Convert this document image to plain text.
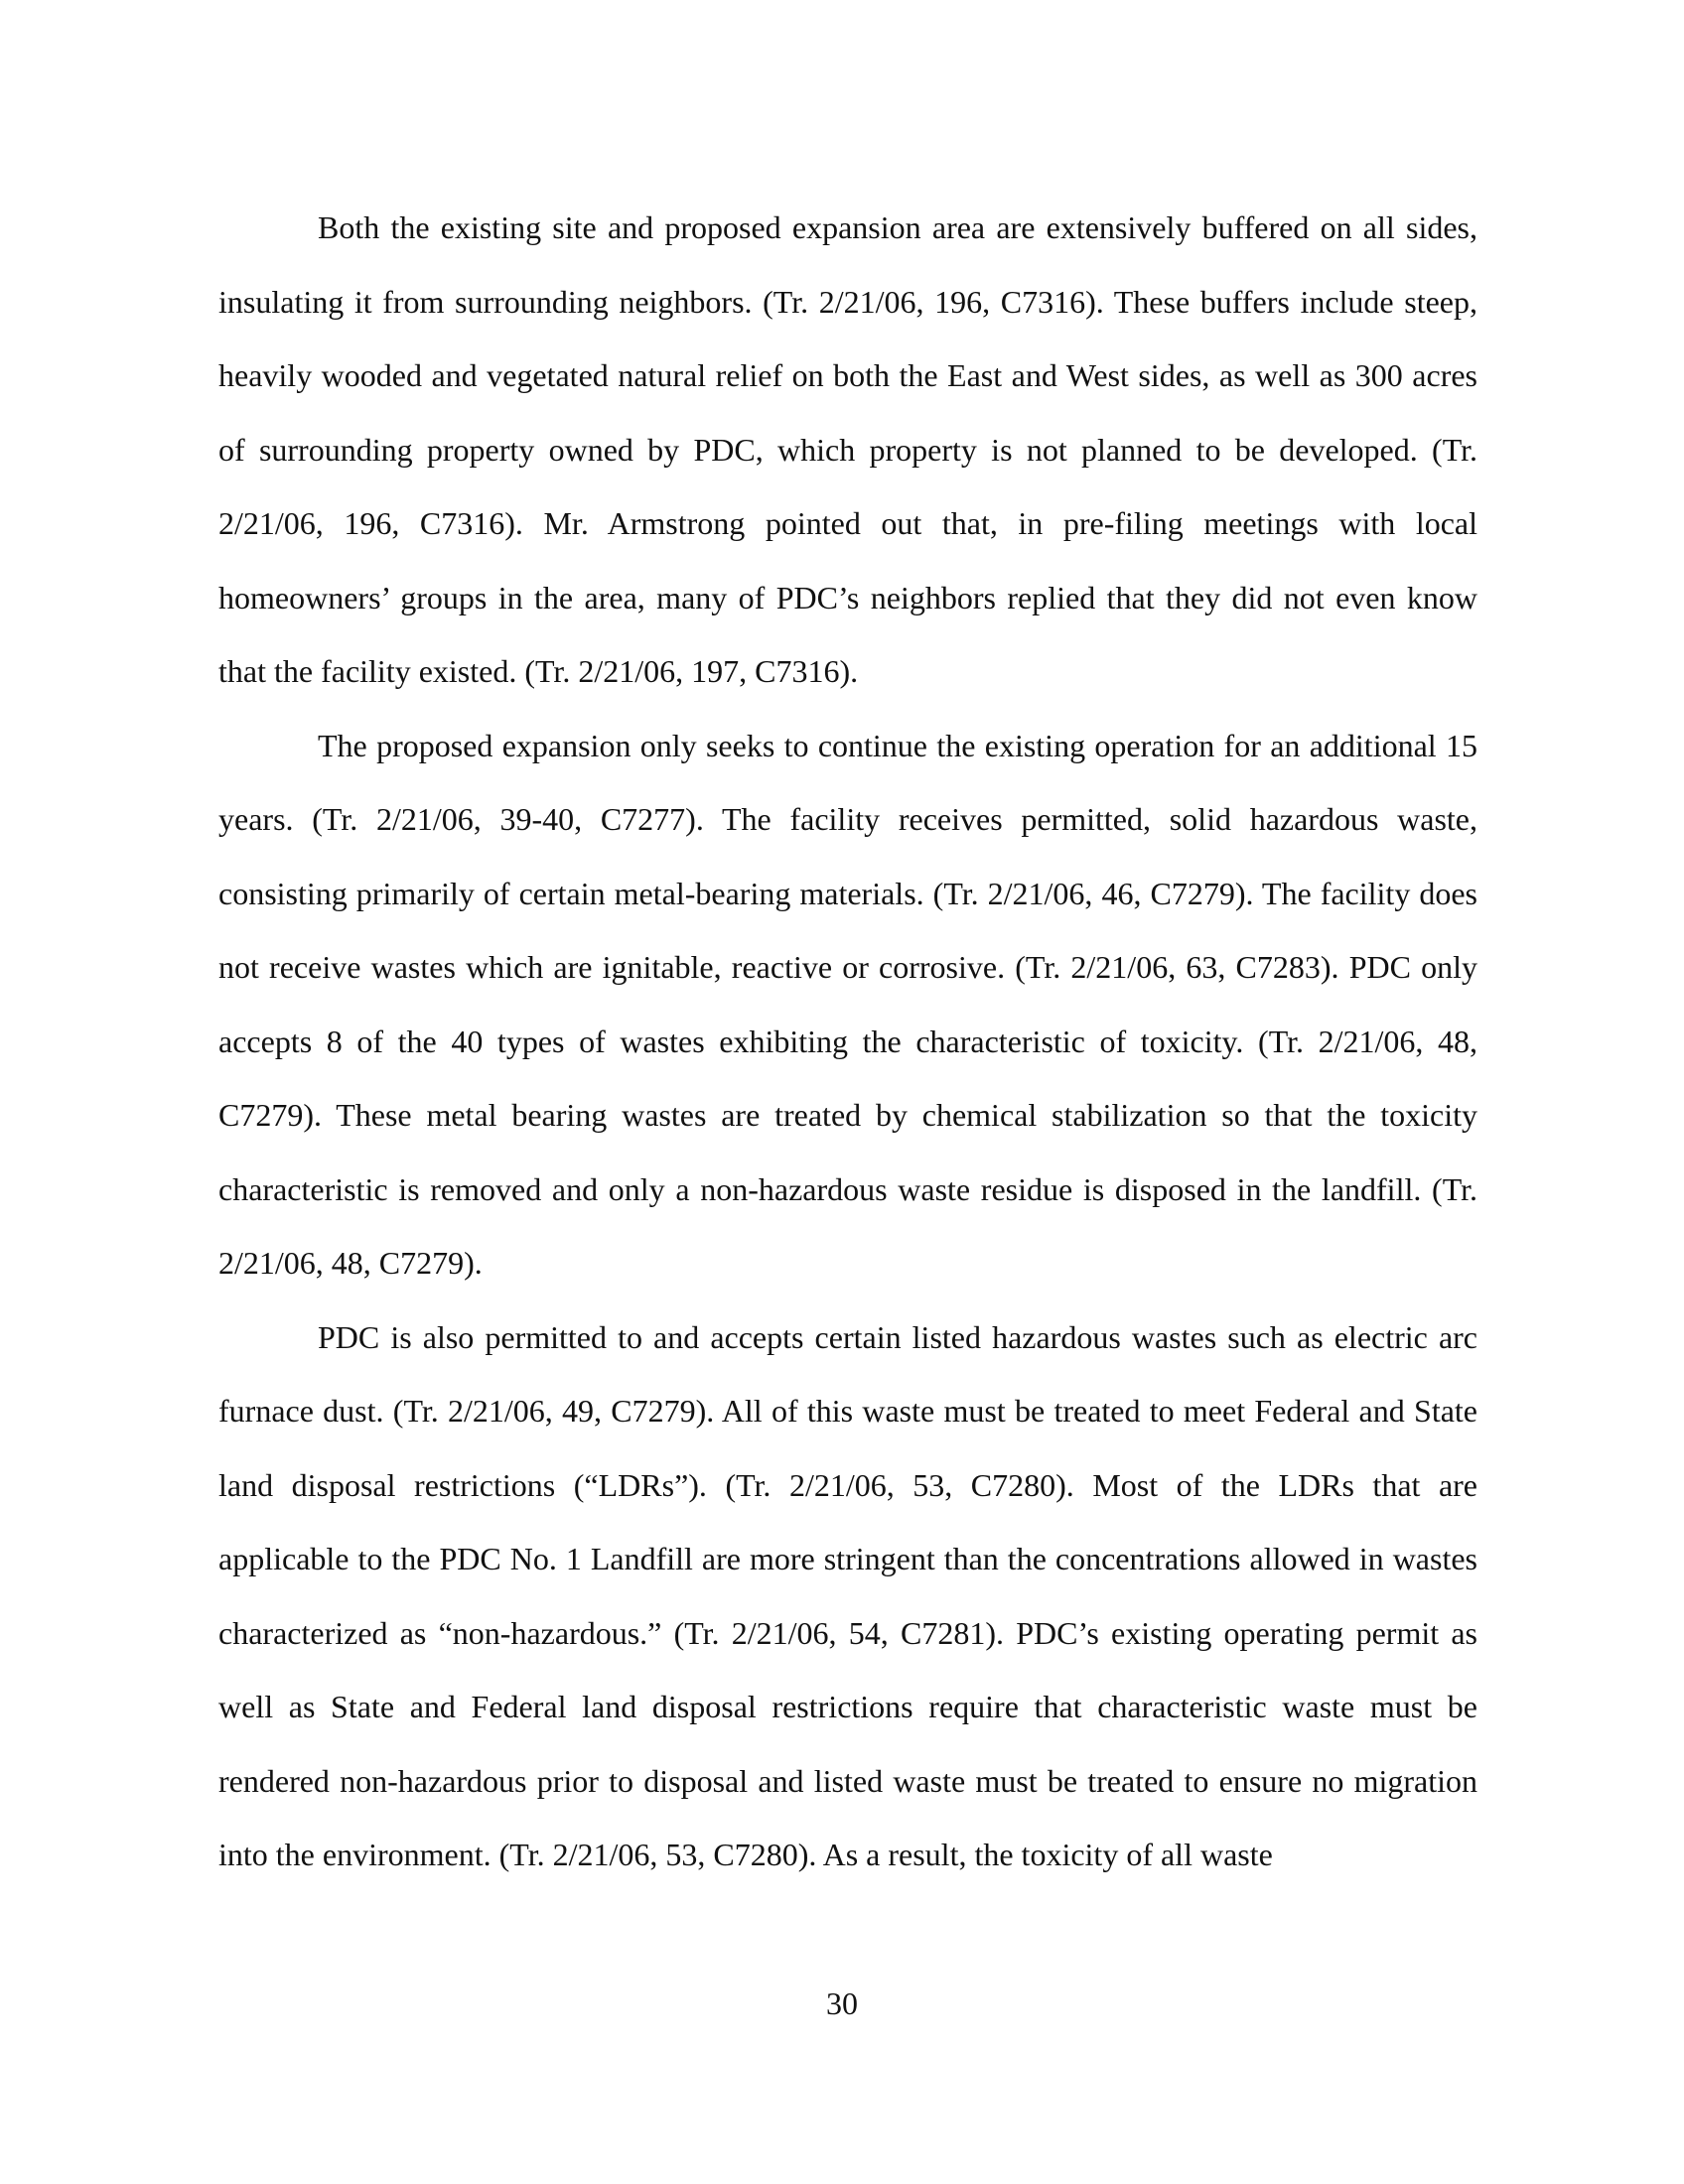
Both the existing site and proposed expansion area are extensively buffered on all sides, insulating it from surrounding neighbors. (Tr. 2/21/06, 196, C7316). These buffers include steep, heavily wooded and vegetated natural relief on both the East and West sides, as well as 300 acres of surrounding property owned by PDC, which property is not planned to be developed. (Tr. 2/21/06, 196, C7316). Mr. Armstrong pointed out that, in pre-filing meetings with local homeowners’ groups in the area, many of PDC’s neighbors replied that they did not even know that the facility existed. (Tr. 2/21/06, 197, C7316).

The proposed expansion only seeks to continue the existing operation for an additional 15 years. (Tr. 2/21/06, 39-40, C7277). The facility receives permitted, solid hazardous waste, consisting primarily of certain metal-bearing materials. (Tr. 2/21/06, 46, C7279). The facility does not receive wastes which are ignitable, reactive or corrosive. (Tr. 2/21/06, 63, C7283). PDC only accepts 8 of the 40 types of wastes exhibiting the characteristic of toxicity. (Tr. 2/21/06, 48, C7279). These metal bearing wastes are treated by chemical stabilization so that the toxicity characteristic is removed and only a non-hazardous waste residue is disposed in the landfill. (Tr. 2/21/06, 48, C7279).

PDC is also permitted to and accepts certain listed hazardous wastes such as electric arc furnace dust. (Tr. 2/21/06, 49, C7279). All of this waste must be treated to meet Federal and State land disposal restrictions (“LDRs”). (Tr. 2/21/06, 53, C7280). Most of the LDRs that are applicable to the PDC No. 1 Landfill are more stringent than the concentrations allowed in wastes characterized as “non-hazardous.” (Tr. 2/21/06, 54, C7281). PDC’s existing operating permit as well as State and Federal land disposal restrictions require that characteristic waste must be rendered non-hazardous prior to disposal and listed waste must be treated to ensure no migration into the environment. (Tr. 2/21/06, 53, C7280). As a result, the toxicity of all waste

30
